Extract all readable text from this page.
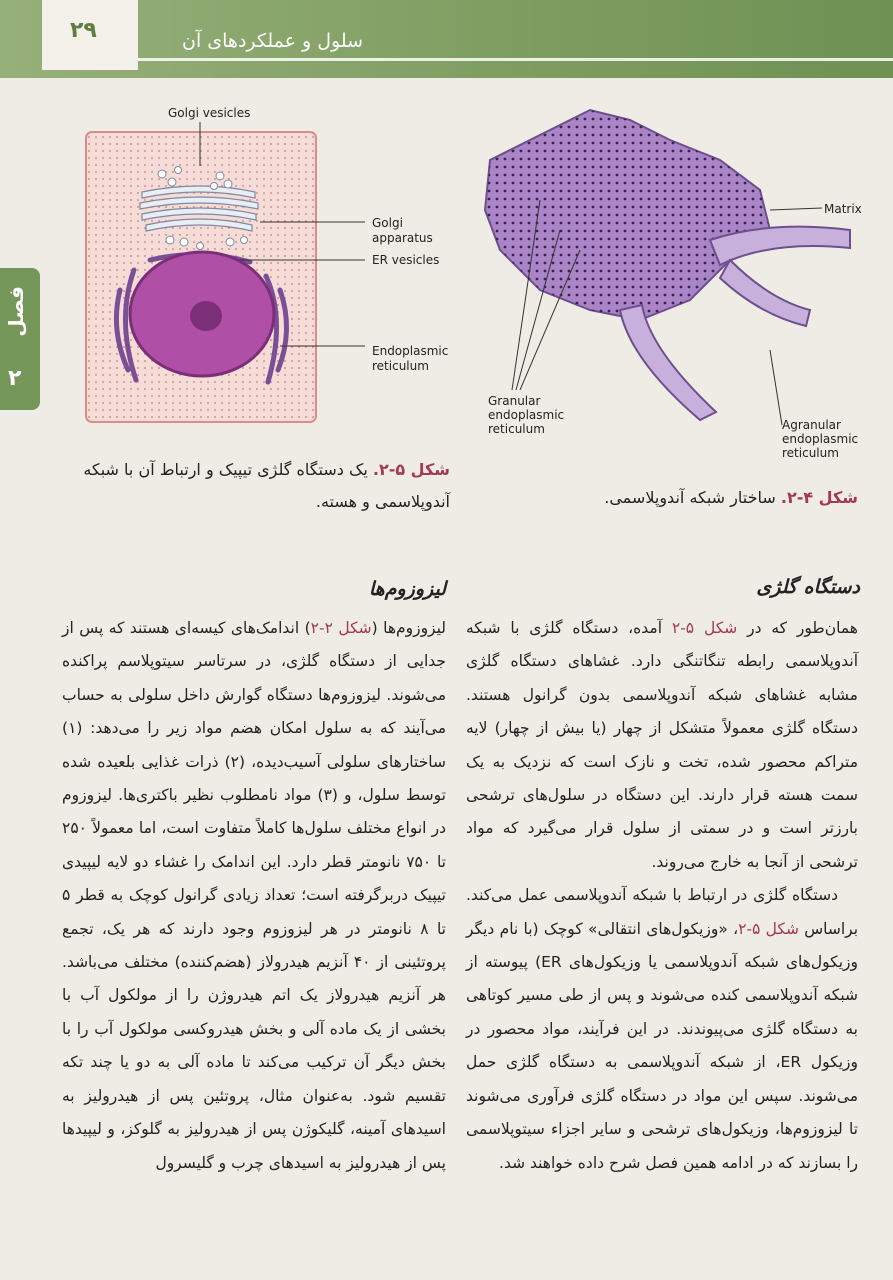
۲۹	سلول و عملکردهای آن
فصل
۲
Golgi vesicles
Golgi
apparatus
ER vesicles
Endoplasmic
reticulum
Matrix
Granular
endoplasmic
reticulum	Agranular
endoplasmic
reticulum
شکل ۵-۲. یک دستگاه گلژی تیپیک و ارتباط آن با شبکه آندوپلاسمی و هسته.	شکل ۴-۲. ساختار شبکه آندوپلاسمی.
لیزوزوم‌ها	دستگاه گلژی

همان‌طور که در شکل ۵-۲ آمده، دستگاه گلژی با شبکه آندوپلاسمی رابطه تنگاتنگی دارد. غشاهای دستگاه گلژی مشابه غشاهای شبکه آندوپلاسمی بدون گرانول هستند. دستگاه گلژی معمولاً متشکل از چهار (یا بیش از چهار) لایه متراکم محصور شده، تخت و نازک است که نزدیک به یک سمت هسته قرار دارند. این دستگاه در سلول‌های ترشحی بارزتر است و در سمتی از سلول قرار می‌گیرد که مواد ترشحی از آنجا به خارج می‌روند.

دستگاه گلژی در ارتباط با شبکه آندوپلاسمی عمل می‌کند. براساس شکل ۵-۲، «وزیکول‌های انتقالی» کوچک (با نام دیگر وزیکول‌های شبکه آندوپلاسمی یا وزیکول‌های ER) پیوسته از شبکه آندوپلاسمی کنده می‌شوند و پس از طی مسیر کوتاهی به دستگاه گلژی می‌پیوندند. در این فرآیند، مواد محصور در وزیکول ER، از شبکه آندوپلاسمی به دستگاه گلژی حمل می‌شوند. سپس این مواد در دستگاه گلژی فرآوری می‌شوند تا لیزوزوم‌ها، وزیکول‌های ترشحی و سایر اجزاء سیتوپلاسمی را بسازند که در ادامه همین فصل شرح داده خواهند شد.

لیزوزوم‌ها (شکل ۲-۲) اندامک‌های کیسه‌ای هستند که پس از جدایی از دستگاه گلژی، در سرتاسر سیتوپلاسم پراکنده می‌شوند. لیزوزوم‌ها دستگاه گوارش داخل سلولی به حساب می‌آیند که به سلول امکان هضم مواد زیر را می‌دهد: (۱) ساختارهای سلولی آسیب‌دیده، (۲) ذرات غذایی بلعیده شده توسط سلول، و (۳) مواد نامطلوب نظیر باکتری‌ها. لیزوزوم در انواع مختلف سلول‌ها کاملاً متفاوت است، اما معمولاً ۲۵۰ تا ۷۵۰ نانومتر قطر دارد. این اندامک را غشاء دو لایه لیپیدی تیپیک دربرگرفته است؛ تعداد زیادی گرانول کوچک به قطر ۵ تا ۸ نانومتر در هر لیزوزوم وجود دارند که هر یک، تجمع پروتئینی از ۴۰ آنزیم هیدرولاز (هضم‌کننده) مختلف می‌باشد. هر آنزیم هیدرولاز یک اتم هیدروژن را از مولکول آب با بخشی از یک ماده آلی و بخش هیدروکسی مولکول آب را با بخش دیگر آن ترکیب می‌کند تا ماده آلی به دو یا چند تکه تقسیم شود. به‌عنوان مثال، پروتئین پس از هیدرولیز به اسیدهای آمینه، گلیکوژن پس از هیدرولیز به گلوکز، و لیپیدها پس از هیدرولیز به اسیدهای چرب و گلیسرول
